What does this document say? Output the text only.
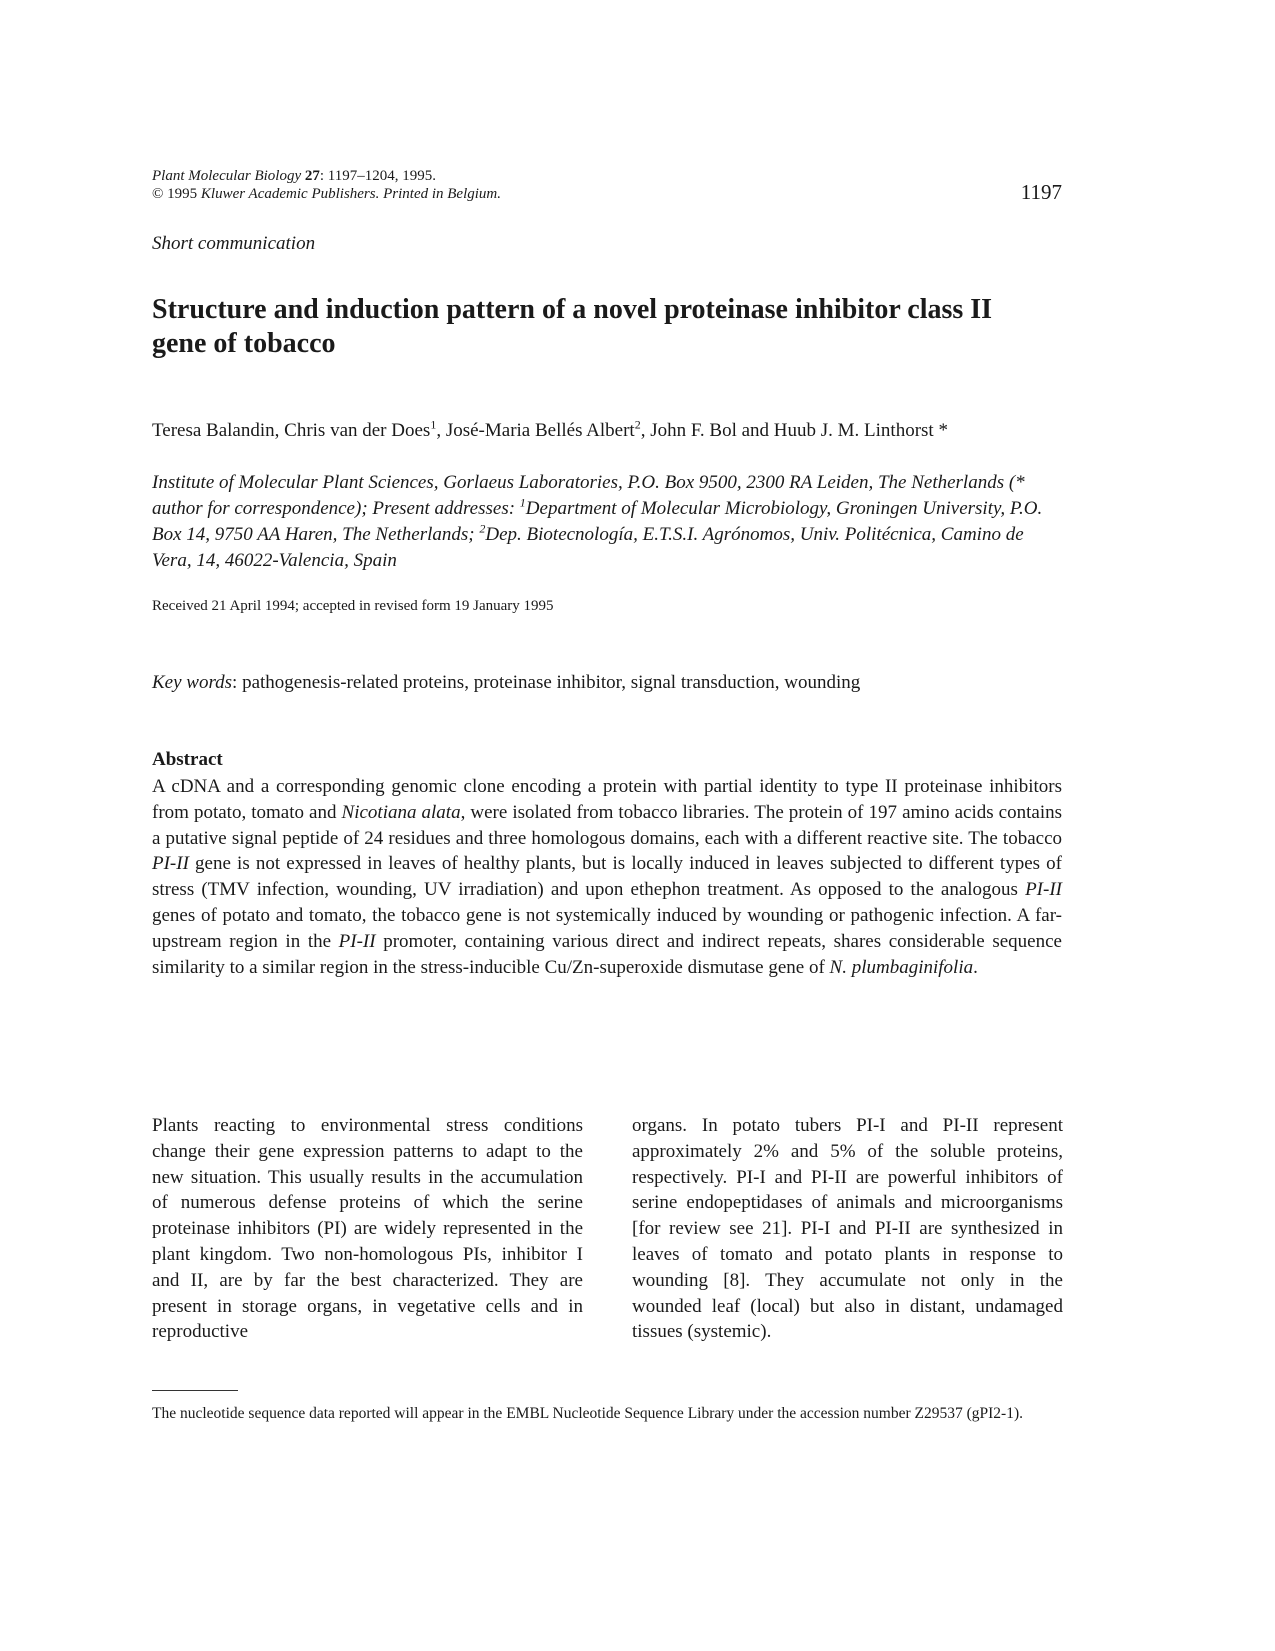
Plant Molecular Biology 27: 1197–1204, 1995.
© 1995 Kluwer Academic Publishers. Printed in Belgium.	1197
Short communication
Structure and induction pattern of a novel proteinase inhibitor class II gene of tobacco
Teresa Balandin, Chris van der Does$^1$, José-Maria Bellés Albert$^2$, John F. Bol and Huub J. M. Linthorst *
Institute of Molecular Plant Sciences, Gorlaeus Laboratories, P.O. Box 9500, 2300 RA Leiden, The Netherlands (* author for correspondence); Present addresses: $^1$Department of Molecular Microbiology, Groningen University, P.O. Box 14, 9750 AA Haren, The Netherlands; $^2$Dep. Biotecnología, E.T.S.I. Agrónomos, Univ. Politécnica, Camino de Vera, 14, 46022-Valencia, Spain
Received 21 April 1994; accepted in revised form 19 January 1995
Key words: pathogenesis-related proteins, proteinase inhibitor, signal transduction, wounding
Abstract
A cDNA and a corresponding genomic clone encoding a protein with partial identity to type II proteinase inhibitors from potato, tomato and Nicotiana alata, were isolated from tobacco libraries. The protein of 197 amino acids contains a putative signal peptide of 24 residues and three homologous domains, each with a different reactive site. The tobacco PI-II gene is not expressed in leaves of healthy plants, but is locally induced in leaves subjected to different types of stress (TMV infection, wounding, UV irradiation) and upon ethephon treatment. As opposed to the analogous PI-II genes of potato and tomato, the tobacco gene is not systemically induced by wounding or pathogenic infection. A far-upstream region in the PI-II promoter, containing various direct and indirect repeats, shares considerable sequence similarity to a similar region in the stress-inducible Cu/Zn-superoxide dismutase gene of N. plumbaginifolia.
Plants reacting to environmental stress conditions change their gene expression patterns to adapt to the new situation. This usually results in the accumulation of numerous defense proteins of which the serine proteinase inhibitors (PI) are widely represented in the plant kingdom. Two non-homologous PIs, inhibitor I and II, are by far the best characterized. They are present in storage organs, in vegetative cells and in reproductive
organs. In potato tubers PI-I and PI-II represent approximately 2% and 5% of the soluble proteins, respectively. PI-I and PI-II are powerful inhibitors of serine endopeptidases of animals and microorganisms [for review see 21]. PI-I and PI-II are synthesized in leaves of tomato and potato plants in response to wounding [8]. They accumulate not only in the wounded leaf (local) but also in distant, undamaged tissues (systemic).
The nucleotide sequence data reported will appear in the EMBL Nucleotide Sequence Library under the accession number Z29537 (gPI2-1).
